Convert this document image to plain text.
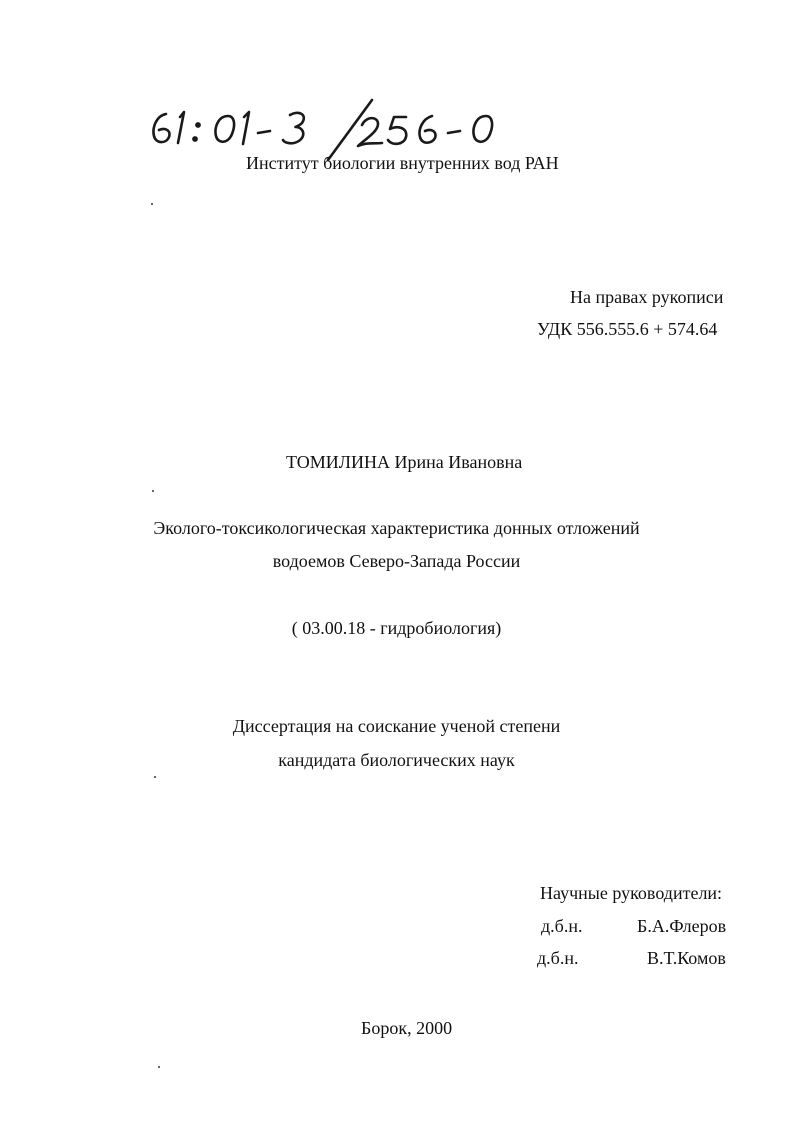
Институт биологии внутренних вод РАН
На правах рукописи
УДК 556.555.6 + 574.64
ТОМИЛИНА Ирина Ивановна
Эколого-токсикологическая характеристика донных отложений
водоемов Северо-Запада России
( 03.00.18 - гидробиология)
Диссертация на соискание ученой степени
кандидата биологических наук
Научные руководители:
д.б.н.	Б.А.Флеров
д.б.н.	В.Т.Комов
Борок, 2000
